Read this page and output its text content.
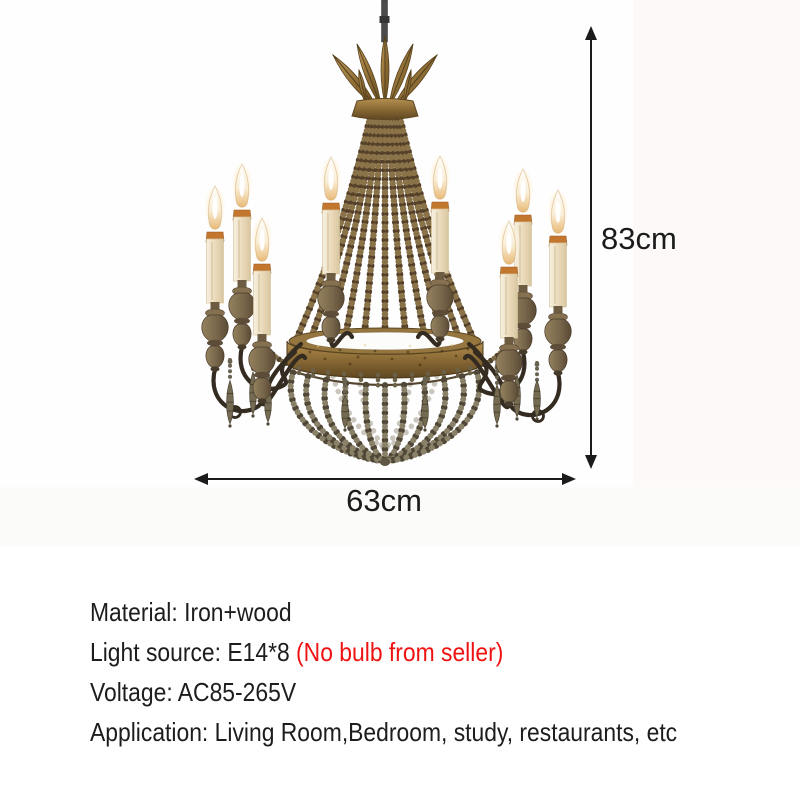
83cm
63cm
Material: Iron+wood
Light source: E14*8 (No bulb from seller)
Voltage: AC85-265V
Application: Living Room,Bedroom, study, restaurants, etc
